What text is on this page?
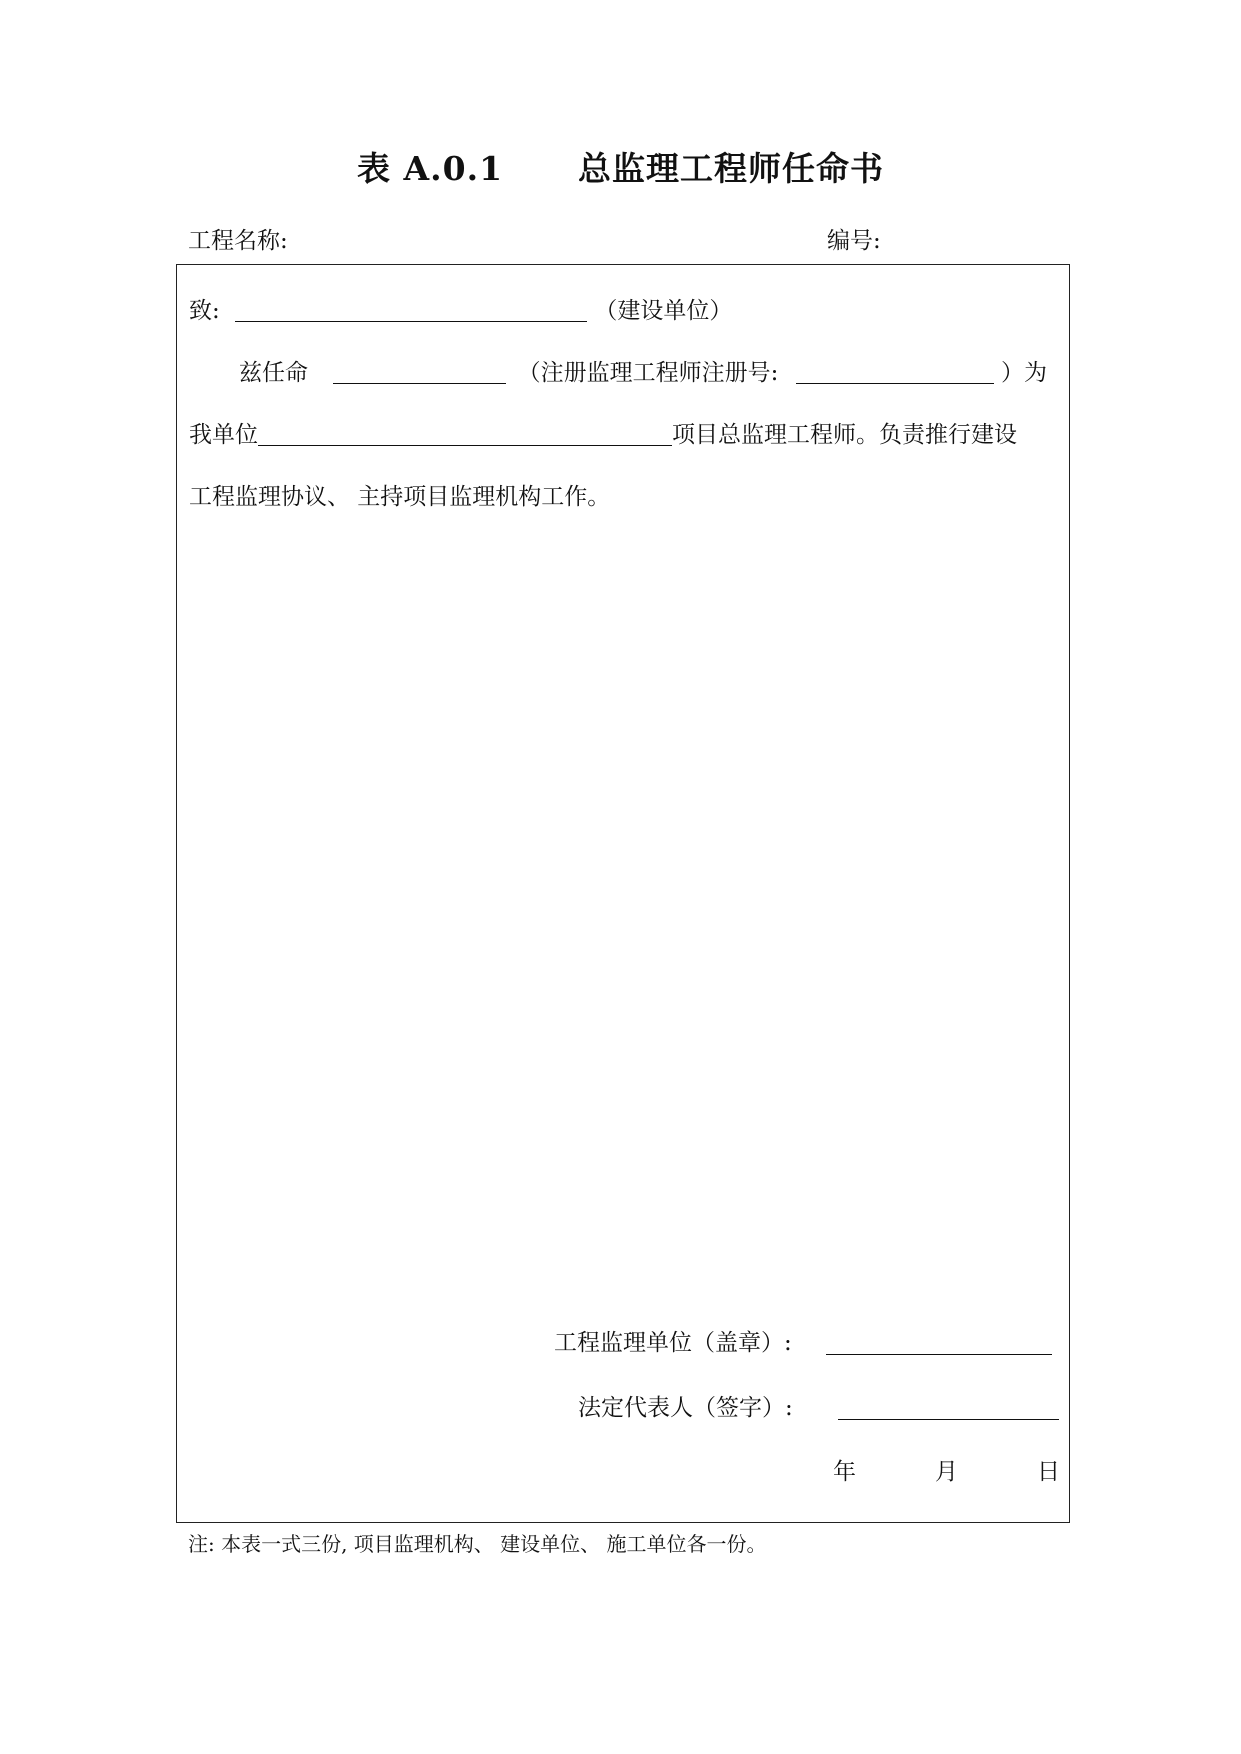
表 A.0.1      总监理工程师任命书
工程名称:	编号:
致:	（建设单位）
兹任命	（注册监理工程师注册号:	）为
我单位	项目总监理工程师。负责推行建设
工程监理协议、 主持项目监理机构工作。
工程监理单位（盖章）:
法定代表人（签字）:
年	月	日
注: 本表一式三份, 项目监理机构、 建设单位、 施工单位各一份。
